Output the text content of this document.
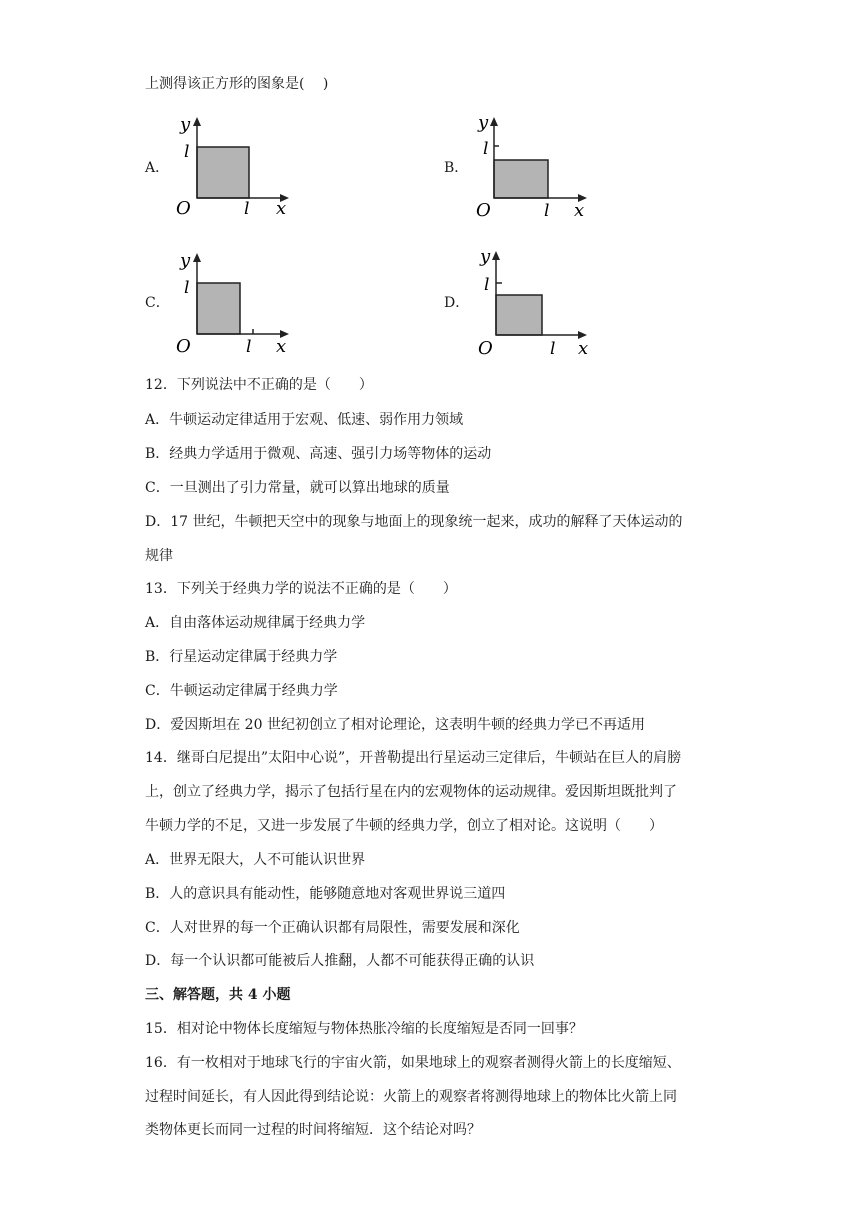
上测得该正方形的图象是(　 )
A．
y
l
O	l x
B．
y
l
O	l x
C．
y
l
O	l x
D．
y
l
O	l x
12．下列说法中不正确的是（　　）
A．牛顿运动定律适用于宏观、低速、弱作用力领域
B．经典力学适用于微观、高速、强引力场等物体的运动
C．一旦测出了引力常量，就可以算出地球的质量
D．17 世纪，牛顿把天空中的现象与地面上的现象统一起来，成功的解释了天体运动的
规律
13．下列关于经典力学的说法不正确的是（　　）
A．自由落体运动规律属于经典力学
B．行星运动定律属于经典力学
C．牛顿运动定律属于经典力学
D．爱因斯坦在 20 世纪初创立了相对论理论，这表明牛顿的经典力学已不再适用
14．继哥白尼提出”太阳中心说”，开普勒提出行星运动三定律后，牛顿站在巨人的肩膀
上，创立了经典力学，揭示了包括行星在内的宏观物体的运动规律。爱因斯坦既批判了
牛顿力学的不足，又进一步发展了牛顿的经典力学，创立了相对论。这说明（　　）
A．世界无限大，人不可能认识世界
B．人的意识具有能动性，能够随意地对客观世界说三道四
C．人对世界的每一个正确认识都有局限性，需要发展和深化
D．每一个认识都可能被后人推翻，人都不可能获得正确的认识
三、解答题，共 4 小题
15．相对论中物体长度缩短与物体热胀冷缩的长度缩短是否同一回事？
16．有一枚相对于地球飞行的宇宙火箭，如果地球上的观察者测得火箭上的长度缩短、
过程时间延长，有人因此得到结论说：火箭上的观察者将测得地球上的物体比火箭上同
类物体更长而同一过程的时间将缩短．这个结论对吗？
